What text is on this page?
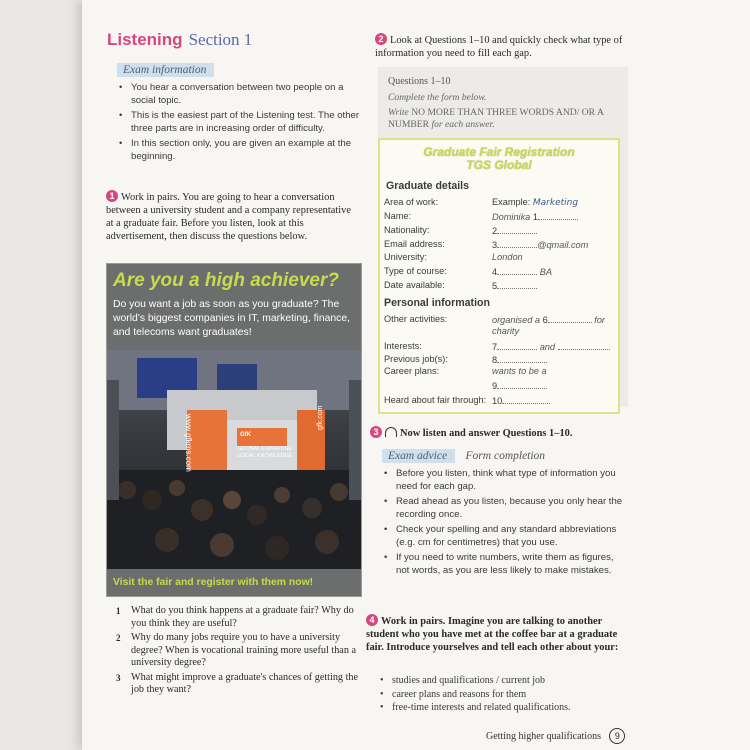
Listening Section 1
Exam information
• You hear a conversation between two people on a social topic.
• This is the easiest part of the Listening test. The other three parts are in increasing order of difficulty.
• In this section only, you are given an example at the beginning.
1 Work in pairs. You are going to hear a conversation between a university student and a company representative at a graduate fair. Before you listen, look at this advertisement, then discuss the questions below.
Are you a high achiever?
Do you want a job as soon as you graduate? The world's biggest companies in IT, marketing, finance, and telecoms want graduates!
www.gfkms.com	GLOBAL EXPERTISE LOCAL KNOWLEDGE
gfk.com
GfK
Visit the fair and register with them now!
1 What do you think happens at a graduate fair? Why do you think they are useful?
2 Why do many jobs require you to have a university degree? When is vocational training more useful than a university degree?
3 What might improve a graduate's chances of getting the job they want?
2 Look at Questions 1–10 and quickly check what type of information you need to fill each gap.
Questions 1–10
Complete the form below.
Write NO MORE THAN THREE WORDS AND/ OR A NUMBER for each answer.
Graduate Fair Registration
TGS Global
Graduate details
Area of work:	Example: Marketing
Name:	Dominika 1
Nationality:	2
Email address:	3	@qmail.com
University:	London
Type of course:	4	BA
Date available:	5
Personal information
Other activities:	organised a 6	for
charity
Interests:	7	and
Previous job(s):	8
Career plans:	wants to be a
9
Heard about fair through: 10
3 Now listen and answer Questions 1–10.
Exam advice Form completion
• Before you listen, think what type of information you need for each gap.
• Read ahead as you listen, because you only hear the recording once.
• Check your spelling and any standard abbreviations (e.g. cm for centimetres) that you use.
• If you need to write numbers, write them as figures, not words, as you are less likely to make mistakes.
4 Work in pairs. Imagine you are talking to another student who you have met at the coffee bar at a graduate fair. Introduce yourselves and tell each other about your:
• studies and qualifications / current job
• career plans and reasons for them
• free-time interests and related qualifications.
Getting higher qualifications 9
